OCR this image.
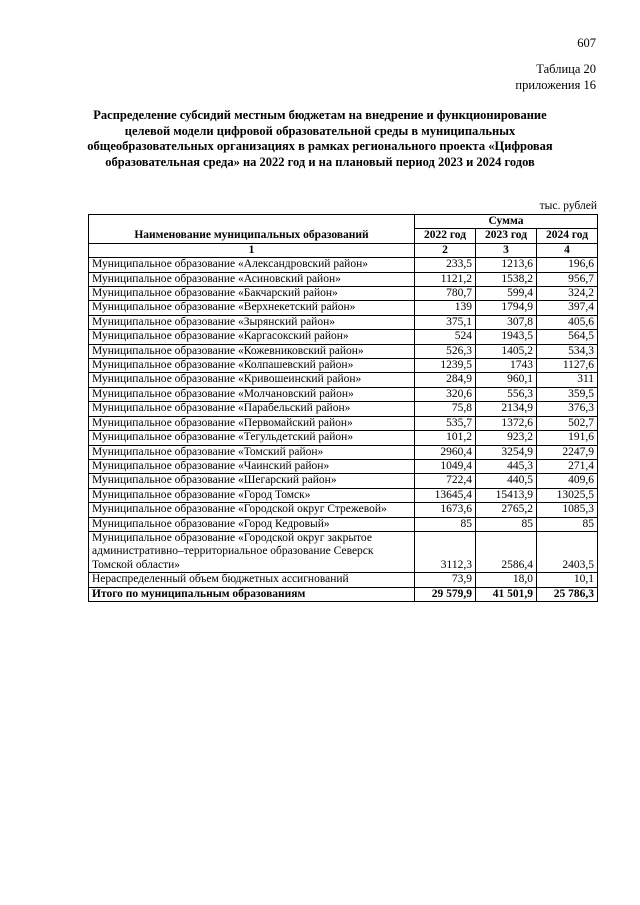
607
Таблица 20
приложения 16
Распределение субсидий местным бюджетам на внедрение и функционирование целевой модели цифровой образовательной среды в муниципальных общеобразовательных организациях в рамках регионального проекта «Цифровая образовательная среда» на 2022 год и на плановый период 2023 и 2024 годов
тыс. рублей
Наименование муниципальных образований	Сумма		
	2022 год	2023 год	2024 год
1	2	3	4
Муниципальное образование «Александровский район»	233,5	1213,6	196,6
Муниципальное образование «Асиновский район»	1121,2	1538,2	956,7
Муниципальное образование «Бакчарский район»	780,7	599,4	324,2
Муниципальное образование «Верхнекетский район»	139	1794,9	397,4
Муниципальное образование «Зырянский район»	375,1	307,8	405,6
Муниципальное образование «Каргасокский район»	524	1943,5	564,5
Муниципальное образование «Кожевниковский район»	526,3	1405,2	534,3
Муниципальное образование «Колпашевский район»	1239,5	1743	1127,6
Муниципальное образование «Кривошеинский район»	284,9	960,1	311
Муниципальное образование «Молчановский район»	320,6	556,3	359,5
Муниципальное образование «Парабельский район»	75,8	2134,9	376,3
Муниципальное образование «Первомайский район»	535,7	1372,6	502,7
Муниципальное образование «Тегульдетский район»	101,2	923,2	191,6
Муниципальное образование «Томский район»	2960,4	3254,9	2247,9
Муниципальное образование «Чаинский район»	1049,4	445,3	271,4
Муниципальное образование «Шегарский район»	722,4	440,5	409,6
Муниципальное образование «Город Томск»	13645,4	15413,9	13025,5
Муниципальное образование «Городской округ Стрежевой»	1673,6	2765,2	1085,3
Муниципальное образование «Город Кедровый»	85	85	85
Муниципальное образование «Городской округ закрытое административно–территориальное образование Северск Томской области»	3112,3	2586,4	2403,5
Нераспределенный объем бюджетных ассигнований	73,9	18,0	10,1
Итого по муниципальным образованиям	29 579,9	41 501,9	25 786,3
